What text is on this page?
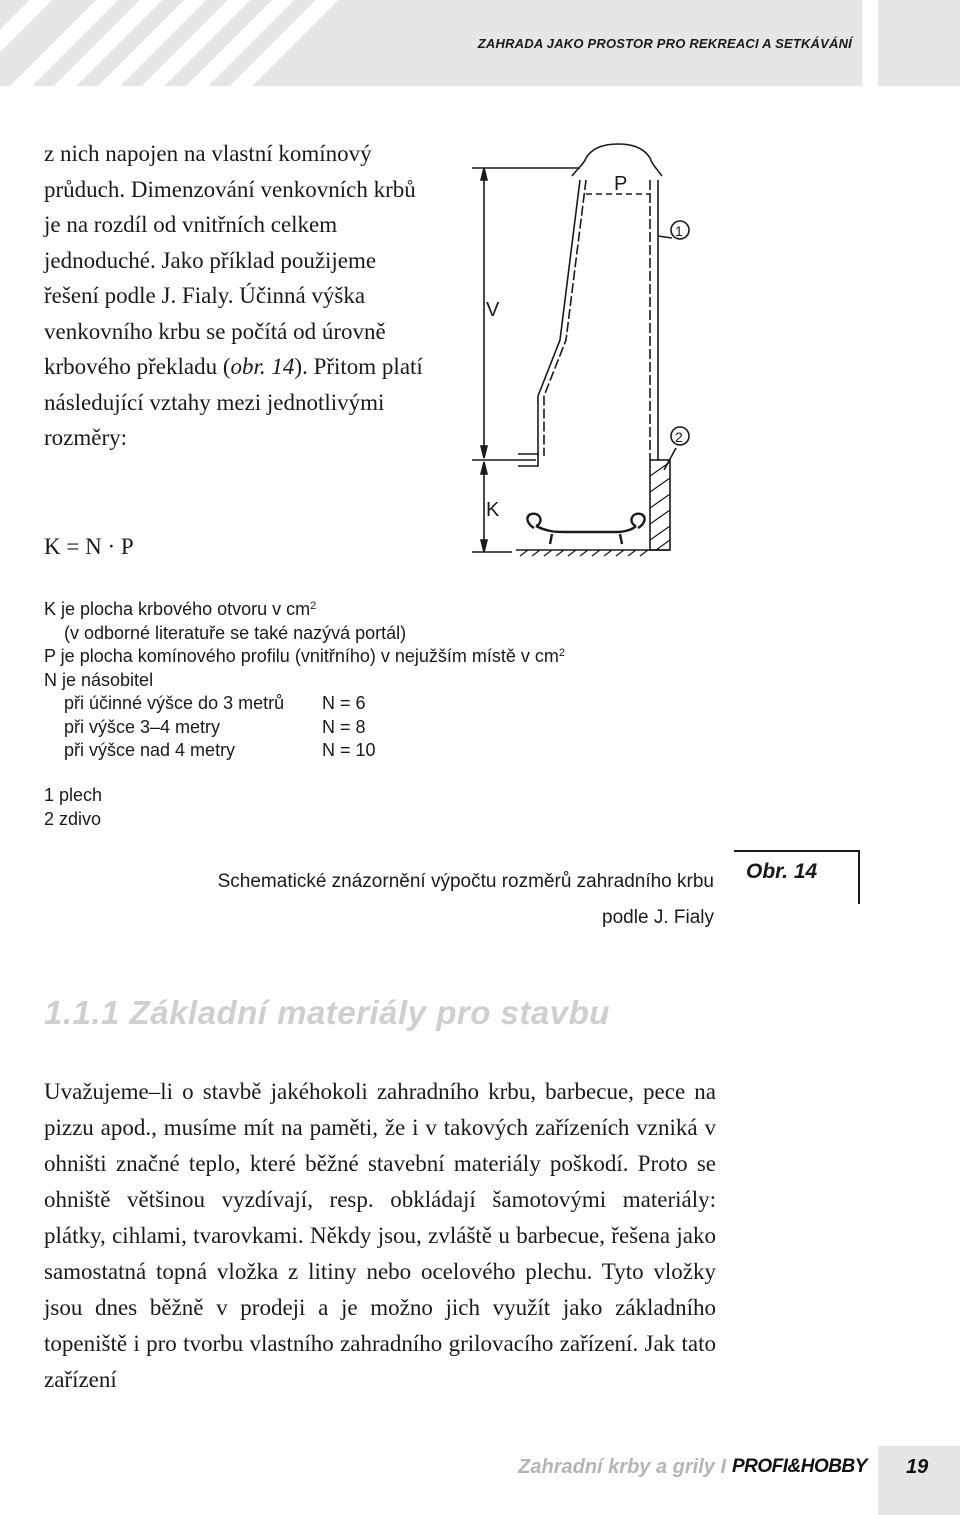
ZAHRADA JAKO PROSTOR PRO REKREACI A SETKÁVÁNÍ
z nich napojen na vlastní komínový průduch. Dimenzování venkovních krbů je na rozdíl od vnitřních celkem jednoduché. Jako příklad použijeme řešení podle J. Fialy. Účinná výška venkovního krbu se počítá od úrovně krbového překladu (obr. 14). Přitom platí následující vztahy mezi jednotlivými rozměry:
K = N · P
P
V
K
1
2
K je plocha krbového otvoru v $cm^2$
(v odborné literatuře se také nazývá portál)
P je plocha komínového profilu (vnitřního) v nejužším místě v $cm^2$
N je násobitel
při účinné výšce do 3 metrů N = 6
při výšce 3–4 metry	N = 8
při výšce nad 4 metry	N = 10
1 plech
2 zdivo
Schematické znázornění výpočtu rozměrů zahradního krbu
podle J. Fialy
Obr. 14
1.1.1 Základní materiály pro stavbu
Uvažujeme–li o stavbě jakéhokoli zahradního krbu, barbecue, pece na pizzu apod., musíme mít na paměti, že i v takových zařízeních vzniká v ohništi značné teplo, které běžné stavební materiály poškodí. Proto se ohniště většinou vyzdívají, resp. obkládají šamotovými materiály: plátky, cihlami, tvarovkami. Někdy jsou, zvláště u barbecue, řešena jako samostatná topná vložka z litiny nebo ocelového plechu. Tyto vložky jsou dnes běžně v prodeji a je možno jich využít jako základního topeniště i pro tvorbu vlastního zahradního grilovacího zařízení. Jak tato zařízení
Zahradní krby a grily I PROFI&HOBBY 19
